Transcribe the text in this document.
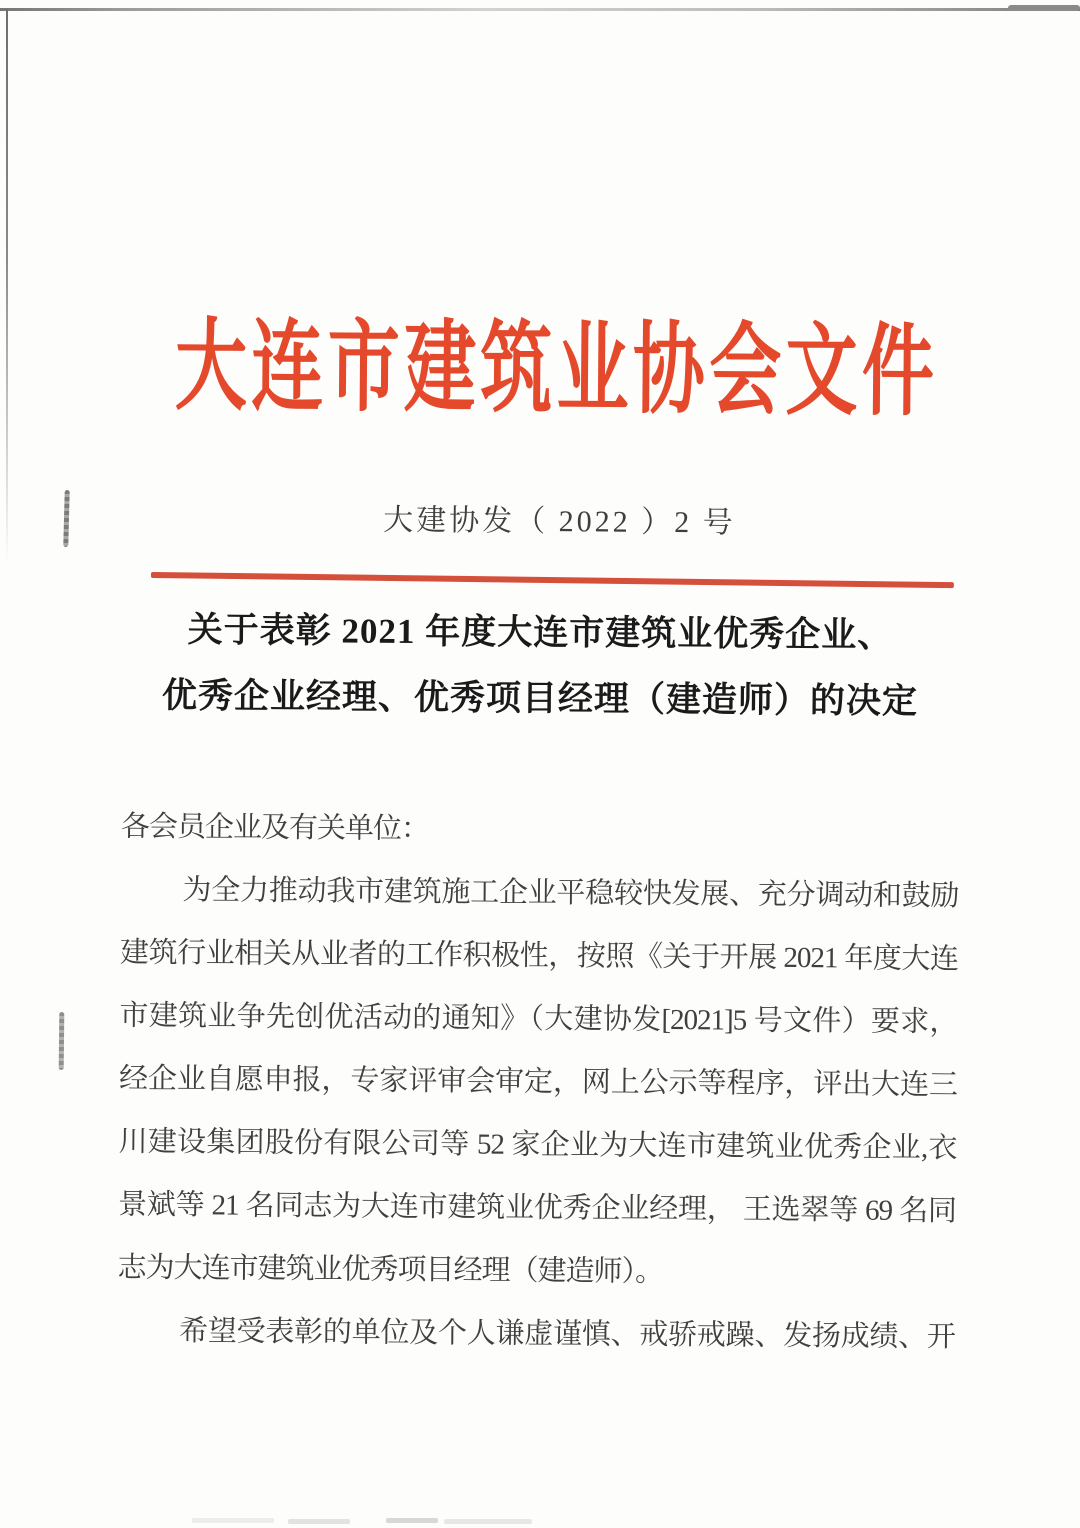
大连市建筑业协会文件
大建协发（ 2022 ）2 号
关于表彰 2021 年度大连市建筑业优秀企业、
优秀企业经理、优秀项目经理（建造师）的决定

各会员企业及有关单位：

为全力推动我市建筑施工企业平稳较快发展、充分调动和鼓励

建筑行业相关从业者的工作积极性，按照《关于开展 2021 年度大连

市建筑业争先创优活动的通知》（大建协发[2021]5 号文件）要求，

经企业自愿申报，专家评审会审定，网上公示等程序，评出大连三

川建设集团股份有限公司等 52 家企业为大连市建筑业优秀企业,衣

景斌等 21 名同志为大连市建筑业优秀企业经理， 王选翠等 69 名同

志为大连市建筑业优秀项目经理（建造师）。

希望受表彰的单位及个人谦虚谨慎、戒骄戒躁、发扬成绩、开
